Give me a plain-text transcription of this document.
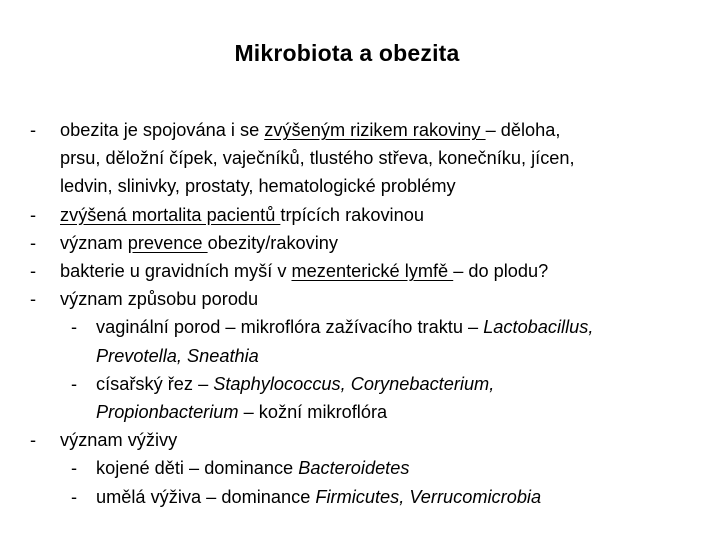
Mikrobiota a obezita
- obezita je spojována i se zvýšeným rizikem rakoviny – děloha,
prsu, děložní čípek, vaječníků, tlustého střeva, konečníku, jícen,
ledvin, slinivky, prostaty, hematologické problémy
- zvýšená mortalita pacientů trpících rakovinou
- význam prevence obezity/rakoviny
- bakterie u gravidních myší v mezenterické lymfě – do plodu?
- význam způsobu porodu
- vaginální porod – mikroflóra zažívacího traktu – Lactobacillus,
Prevotella, Sneathia
- císařský řez – Staphylococcus, Corynebacterium,
Propionbacterium – kožní mikroflóra
- význam výživy
- kojené děti – dominance Bacteroidetes
- umělá výživa – dominance Firmicutes, Verrucomicrobia
